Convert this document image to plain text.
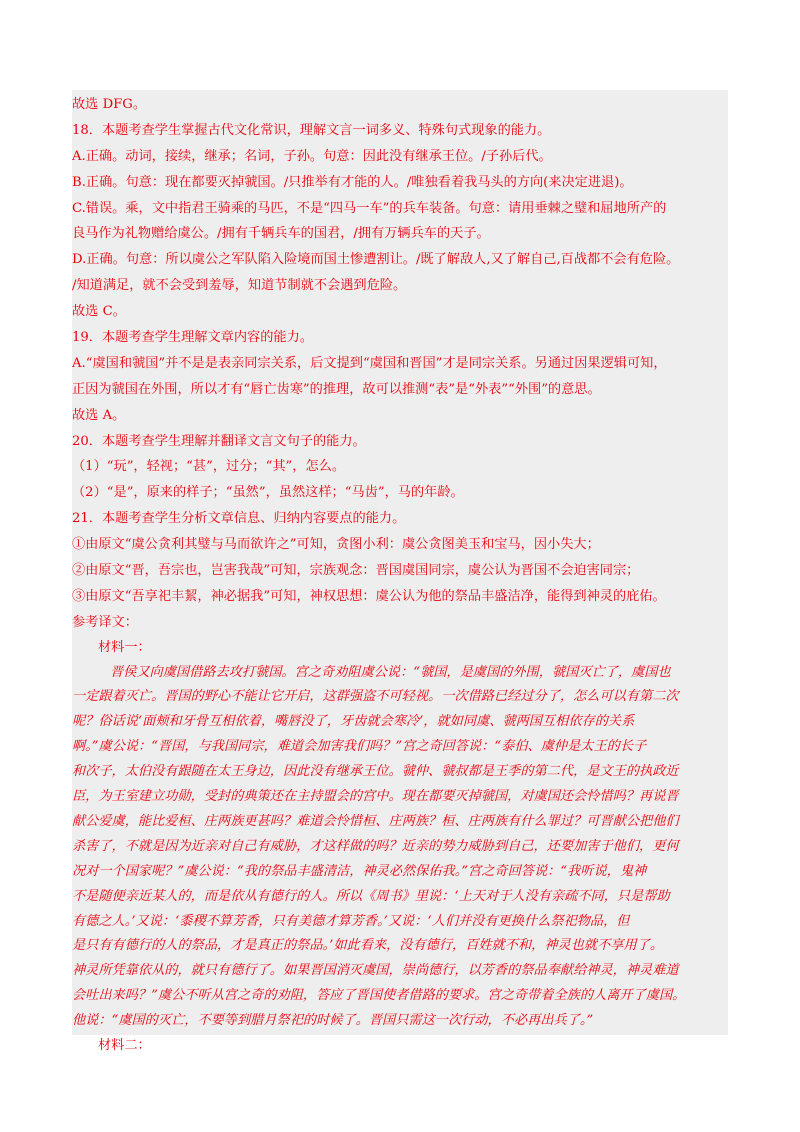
故选 DFG。
18．本题考查学生掌握古代文化常识，理解文言一词多义、特殊句式现象的能力。
A.正确。动词，接续，继承；名词，子孙。句意：因此没有继承王位。/子孙后代。
B.正确。句意：现在都要灭掉虢国。/只推举有才能的人。/唯独看着我马头的方向(来决定进退)。
C.错误。乘，文中指君王骑乘的马匹，不是“四马一车”的兵车装备。句意：请用垂棘之璧和屈地所产的
良马作为礼物赠给虞公。/拥有千辆兵车的国君，/拥有万辆兵车的天子。
D.正确。句意：所以虞公之军队陷入险境而国土惨遭割让。/既了解敌人,又了解自己,百战都不会有危险。
/知道满足，就不会受到羞辱，知道节制就不会遇到危险。
故选 C。
19．本题考查学生理解文章内容的能力。
A.“虞国和虢国”并不是是表亲同宗关系，后文提到“虞国和晋国”才是同宗关系。另通过因果逻辑可知，
正因为虢国在外围，所以才有“唇亡齿寒”的推理，故可以推测“表”是“外表”“外围”的意思。
故选 A。
20．本题考查学生理解并翻译文言文句子的能力。
（1）“玩”，轻视；“甚”，过分；“其”，怎么。
（2）“是”，原来的样子；“虽然”，虽然这样；“马齿”，马的年龄。
21．本题考查学生分析文章信息、归纳内容要点的能力。
①由原文“虞公贪利其璧与马而欲许之”可知，贪图小利：虞公贪图美玉和宝马，因小失大；
②由原文“晋，吾宗也，岂害我哉”可知，宗族观念：晋国虞国同宗，虞公认为晋国不会迫害同宗；
③由原文“吾享祀丰絜，神必据我”可知，神权思想：虞公认为他的祭品丰盛洁净，能得到神灵的庇佑。
参考译文：
材料一：
晋侯又向虞国借路去攻打虢国。宫之奇劝阻虞公说：“虢国，是虞国的外围，虢国灭亡了，虞国也
一定跟着灭亡。晋国的野心不能让它开启，这群强盗不可轻视。一次借路已经过分了，怎么可以有第二次
呢？俗话说‘面颊和牙骨互相依着，嘴唇没了，牙齿就会寒冷’，就如同虞、虢两国互相依存的关系
啊。”虞公说：“晋国，与我国同宗，难道会加害我们吗？”宫之奇回答说：“泰伯、虞仲是太王的长子
和次子，太伯没有跟随在太王身边，因此没有继承王位。虢仲、虢叔都是王季的第二代，是文王的执政近
臣，为王室建立功勋，受封的典策还在主持盟会的宫中。现在都要灭掉虢国，对虞国还会怜惜吗？再说晋
献公爱虞，能比爱桓、庄两族更甚吗？难道会怜惜桓、庄两族？桓、庄两族有什么罪过？可晋献公把他们
杀害了，不就是因为近亲对自己有威胁，才这样做的吗？近亲的势力威胁到自己，还要加害于他们，更何
况对一个国家呢？”虞公说：“我的祭品丰盛清洁，神灵必然保佑我。”宫之奇回答说：“我听说，鬼神
不是随便亲近某人的，而是依从有德行的人。所以《周书》里说：‘上天对于人没有亲疏不同，只是帮助
有德之人。’又说：‘黍稷不算芳香，只有美德才算芳香。’又说：‘人们并没有更换什么祭祀物品，但
是只有有德行的人的祭品，才是真正的祭品。’如此看来，没有德行，百姓就不和，神灵也就不享用了。
神灵所凭靠依从的，就只有德行了。如果晋国消灭虞国，崇尚德行，以芳香的祭品奉献给神灵，神灵难道
会吐出来吗？”虞公不听从宫之奇的劝阻，答应了晋国使者借路的要求。宫之奇带着全族的人离开了虞国。
他说：“虞国的灭亡，不要等到腊月祭祀的时候了。晋国只需这一次行动，不必再出兵了。”
材料二：
